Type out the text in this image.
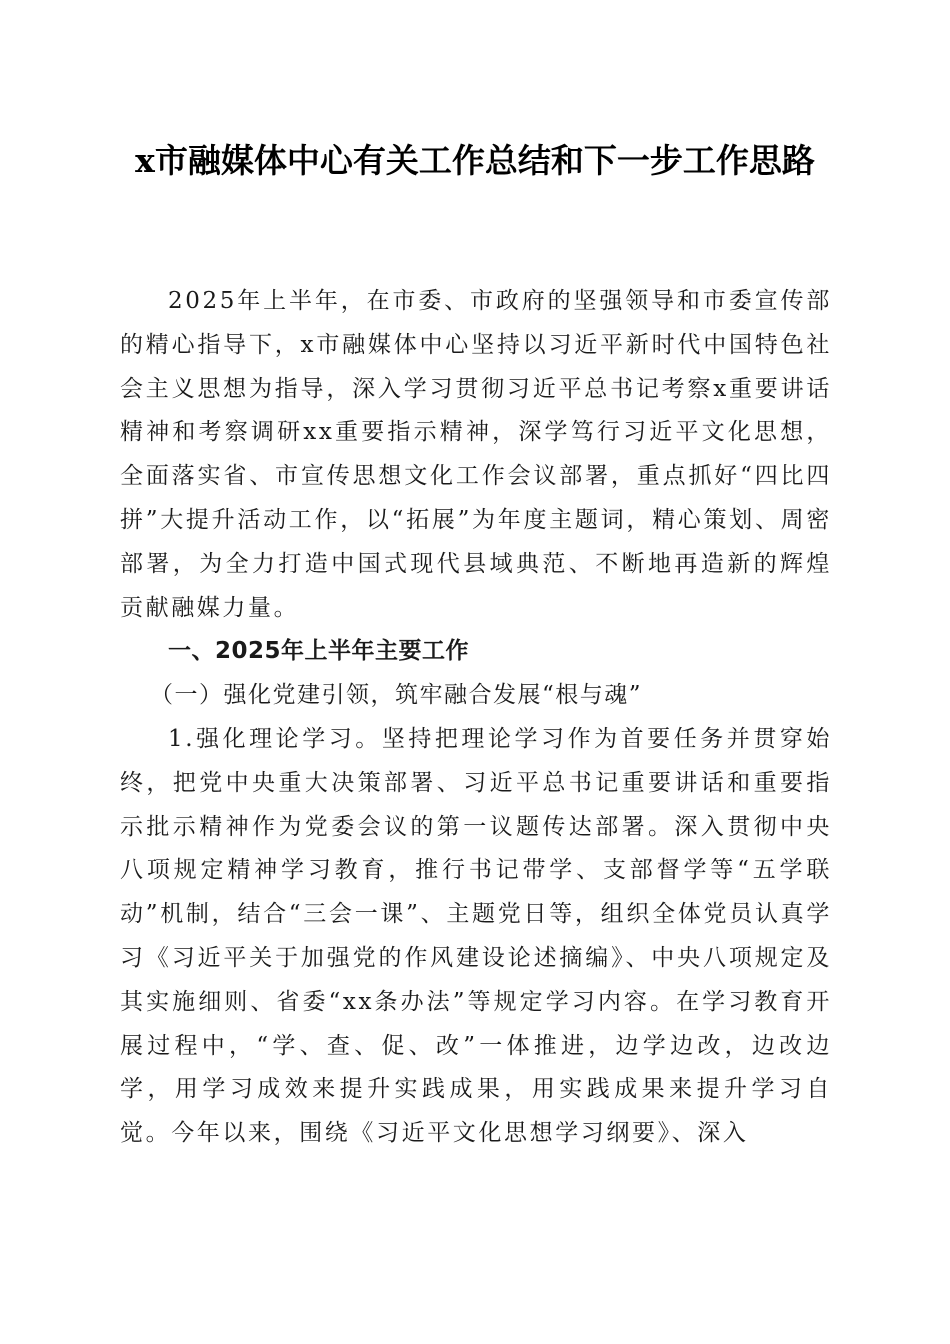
x市融媒体中心有关工作总结和下一步工作思路

2025年上半年，在市委、市政府的坚强领导和市委宣传部的精心指导下，x市融媒体中心坚持以习近平新时代中国特色社会主义思想为指导，深入学习贯彻习近平总书记考察x重要讲话精神和考察调研xx重要指示精神，深学笃行习近平文化思想，全面落实省、市宣传思想文化工作会议部署，重点抓好“四比四拼”大提升活动工作，以“拓展”为年度主题词，精心策划、周密部署，为全力打造中国式现代县域典范、不断地再造新的辉煌贡献融媒力量。

一、2025年上半年主要工作

（一）强化党建引领，筑牢融合发展“根与魂”

1.强化理论学习。坚持把理论学习作为首要任务并贯穿始终，把党中央重大决策部署、习近平总书记重要讲话和重要指示批示精神作为党委会议的第一议题传达部署。深入贯彻中央八项规定精神学习教育，推行书记带学、支部督学等“五学联动”机制，结合“三会一课”、主题党日等，组织全体党员认真学习《习近平关于加强党的作风建设论述摘编》、中央八项规定及其实施细则、省委“xx条办法”等规定学习内容。在学习教育开展过程中，“学、查、促、改”一体推进，边学边改，边改边学，用学习成效来提升实践成果，用实践成果来提升学习自觉。今年以来，围绕《习近平文化思想学习纲要》、深入
